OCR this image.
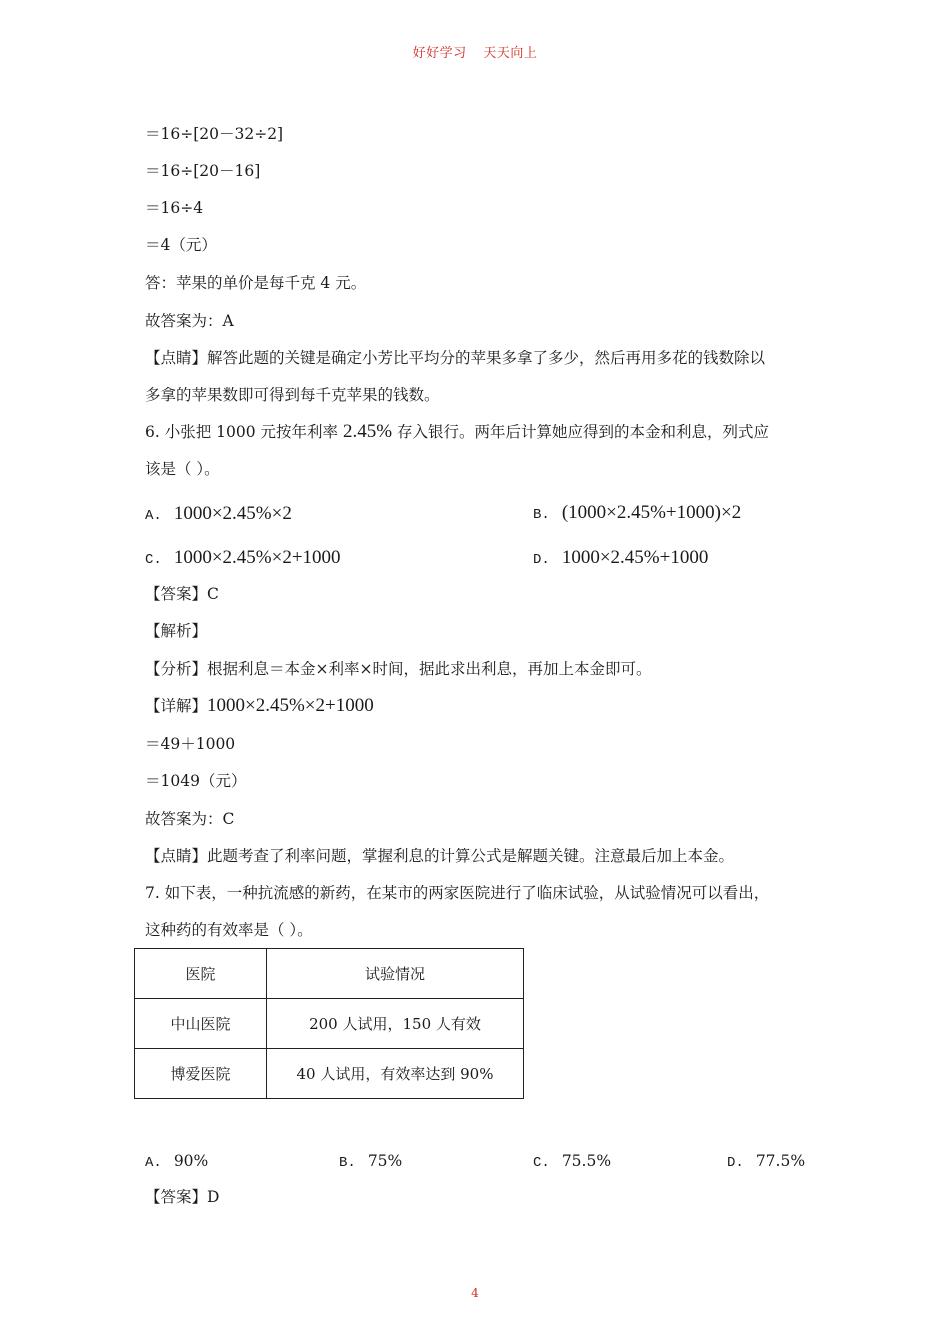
好好学习 天天向上
＝16÷[20－32÷2]
＝16÷[20－16]
＝16÷4
＝4（元）
答：苹果的单价是每千克 4 元。
故答案为：A
【点睛】解答此题的关键是确定小芳比平均分的苹果多拿了多少，然后再用多花的钱数除以
多拿的苹果数即可得到每千克苹果的钱数。
6. 小张把 1000 元按年利率 2.45% 存入银行。两年后计算她应得到的本金和利息，列式应
该是（ ）。
A. 1000×2.45%×2	B. (1000×2.45%+1000)×2
C. 1000×2.45%×2+1000	D. 1000×2.45%+1000
【答案】C
【解析】
【分析】根据利息＝本金×利率×时间，据此求出利息，再加上本金即可。
【详解】1000×2.45%×2+1000
＝49＋1000
＝1049（元）
故答案为：C
【点睛】此题考查了利率问题，掌握利息的计算公式是解题关键。注意最后加上本金。
7. 如下表，一种抗流感的新药，在某市的两家医院进行了临床试验，从试验情况可以看出，
这种药的有效率是（ ）。
医院	试验情况
中山医院	200 人试用，150 人有效
博爱医院	40 人试用，有效率达到 90%
A. 90%	B. 75%	C. 75.5%	D. 77.5%
【答案】D
4
